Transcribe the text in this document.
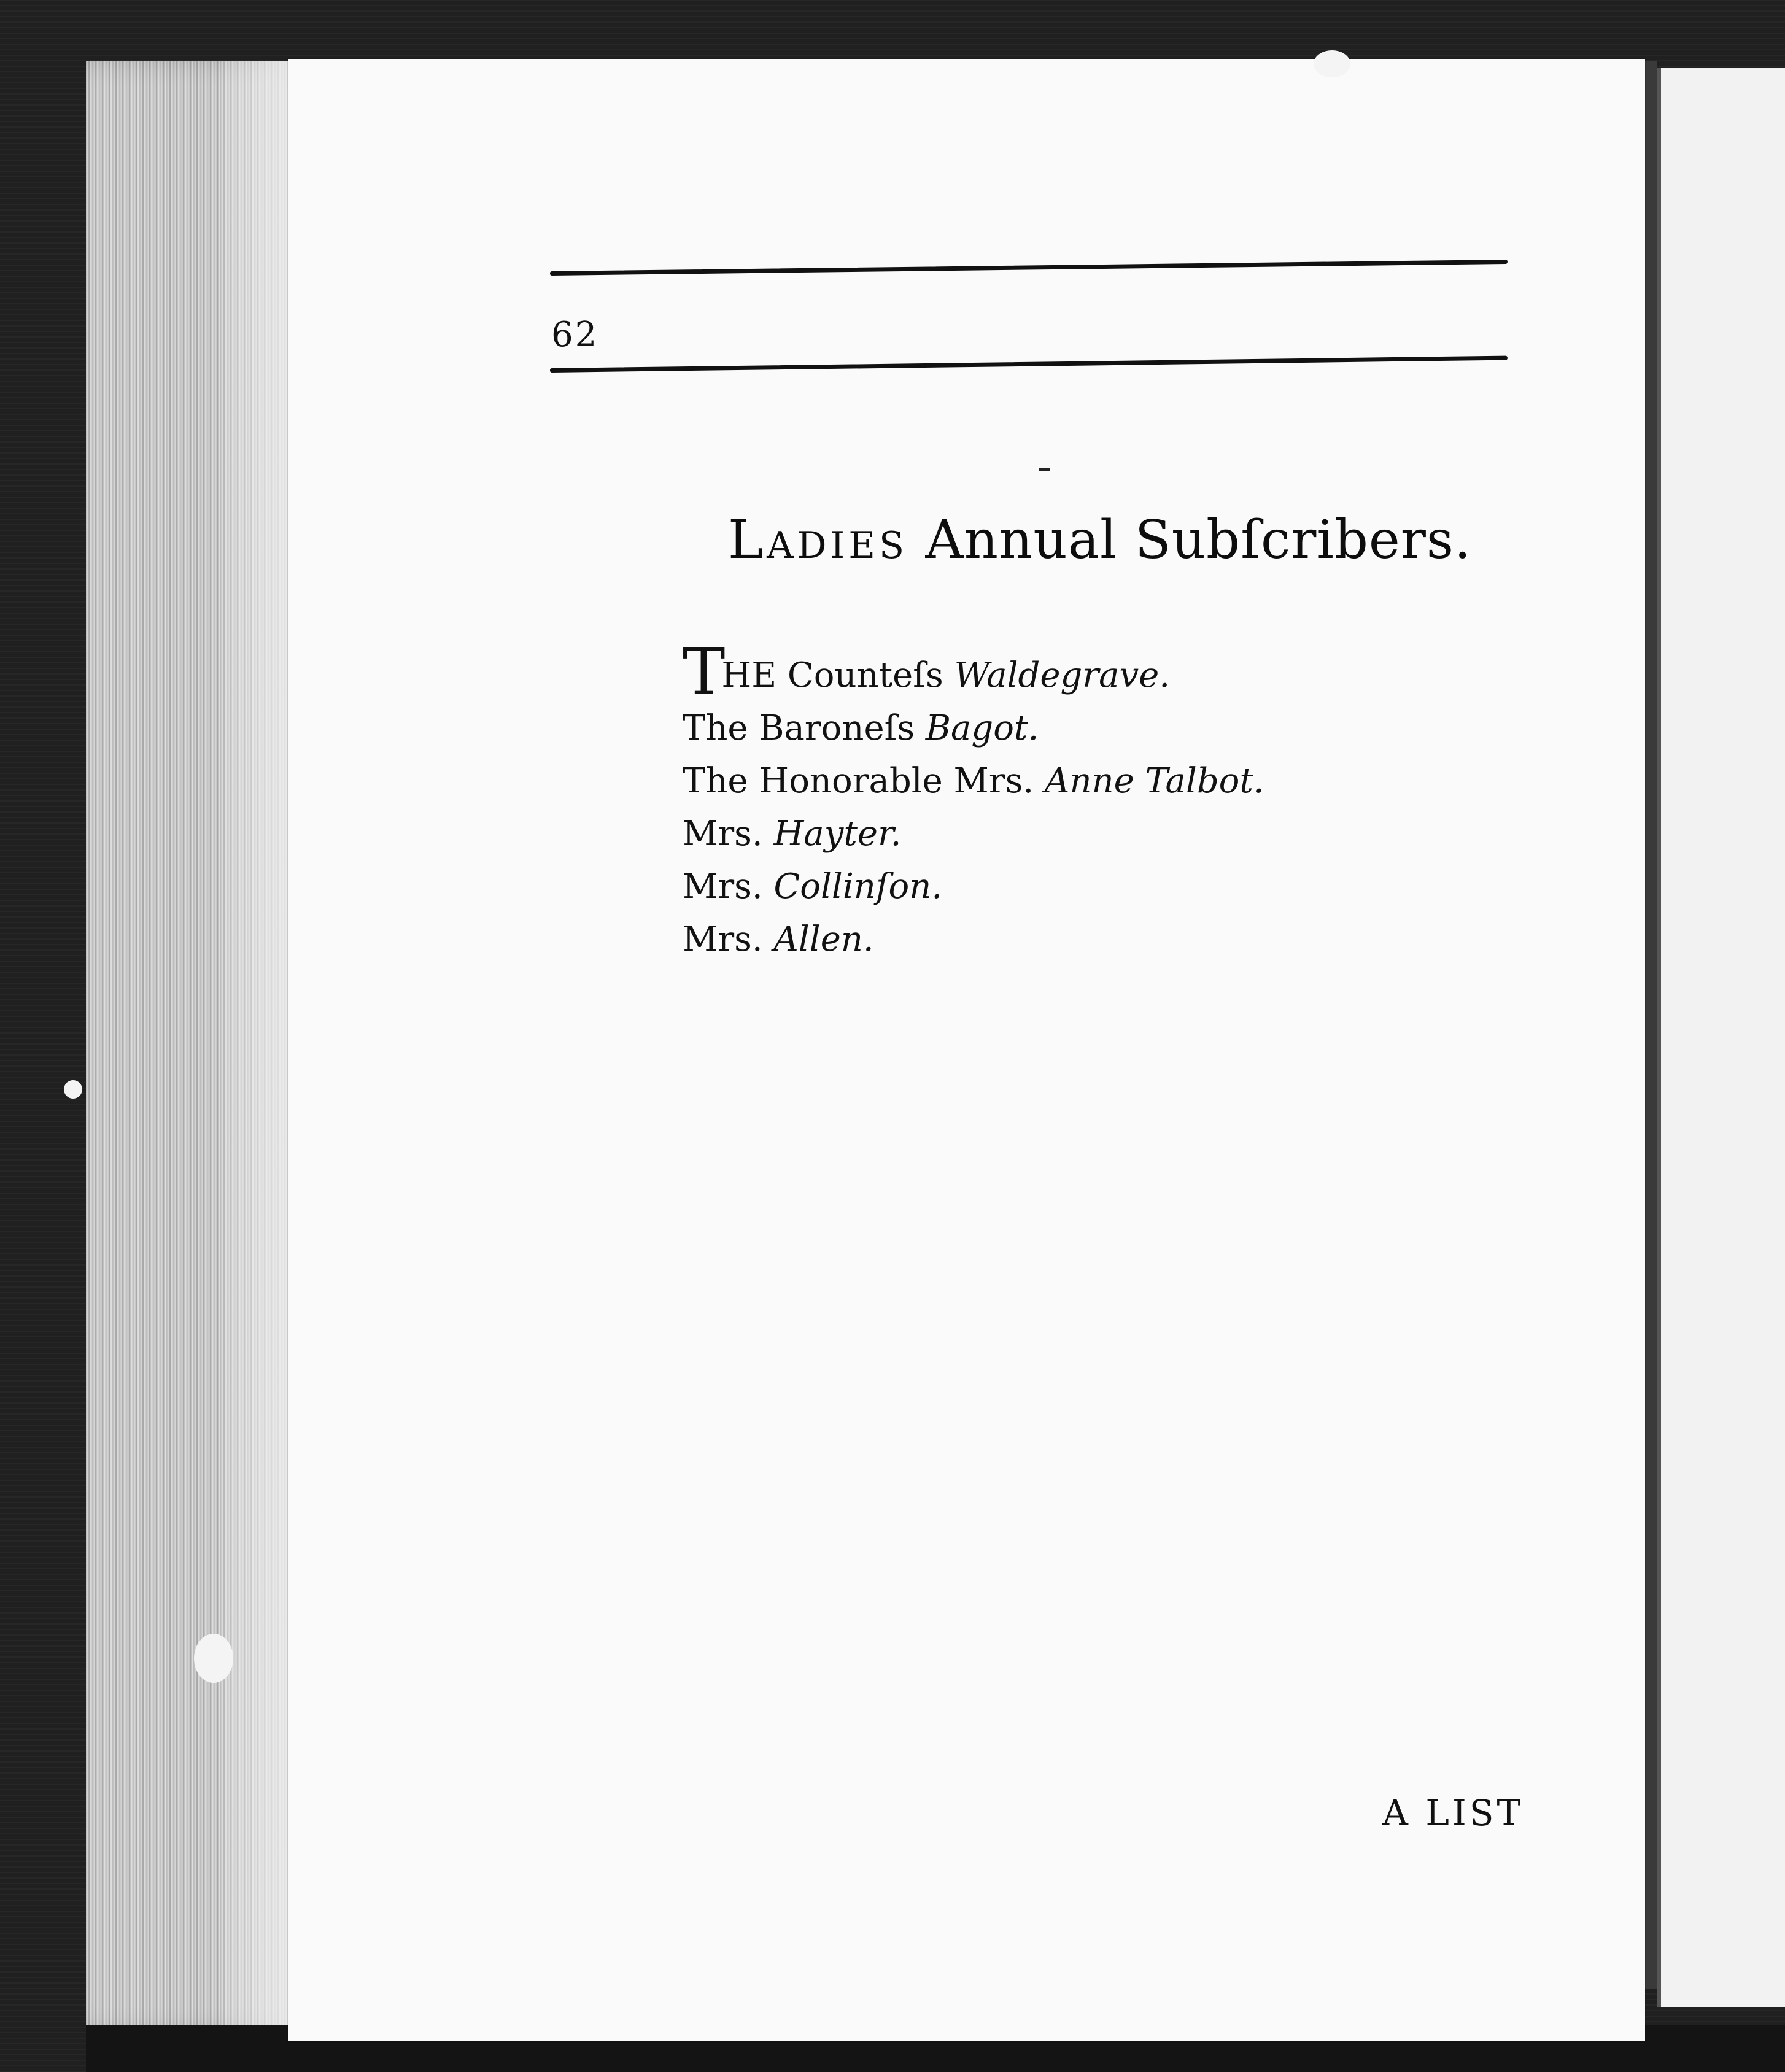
62
Ladies Annual Subſcribers.
THE Counteſs Waldegrave.
The Baroneſs Bagot.
The Honorable Mrs. Anne Talbot.
Mrs. Hayter.
Mrs. Collinſon.
Mrs. Allen.
A LIST
